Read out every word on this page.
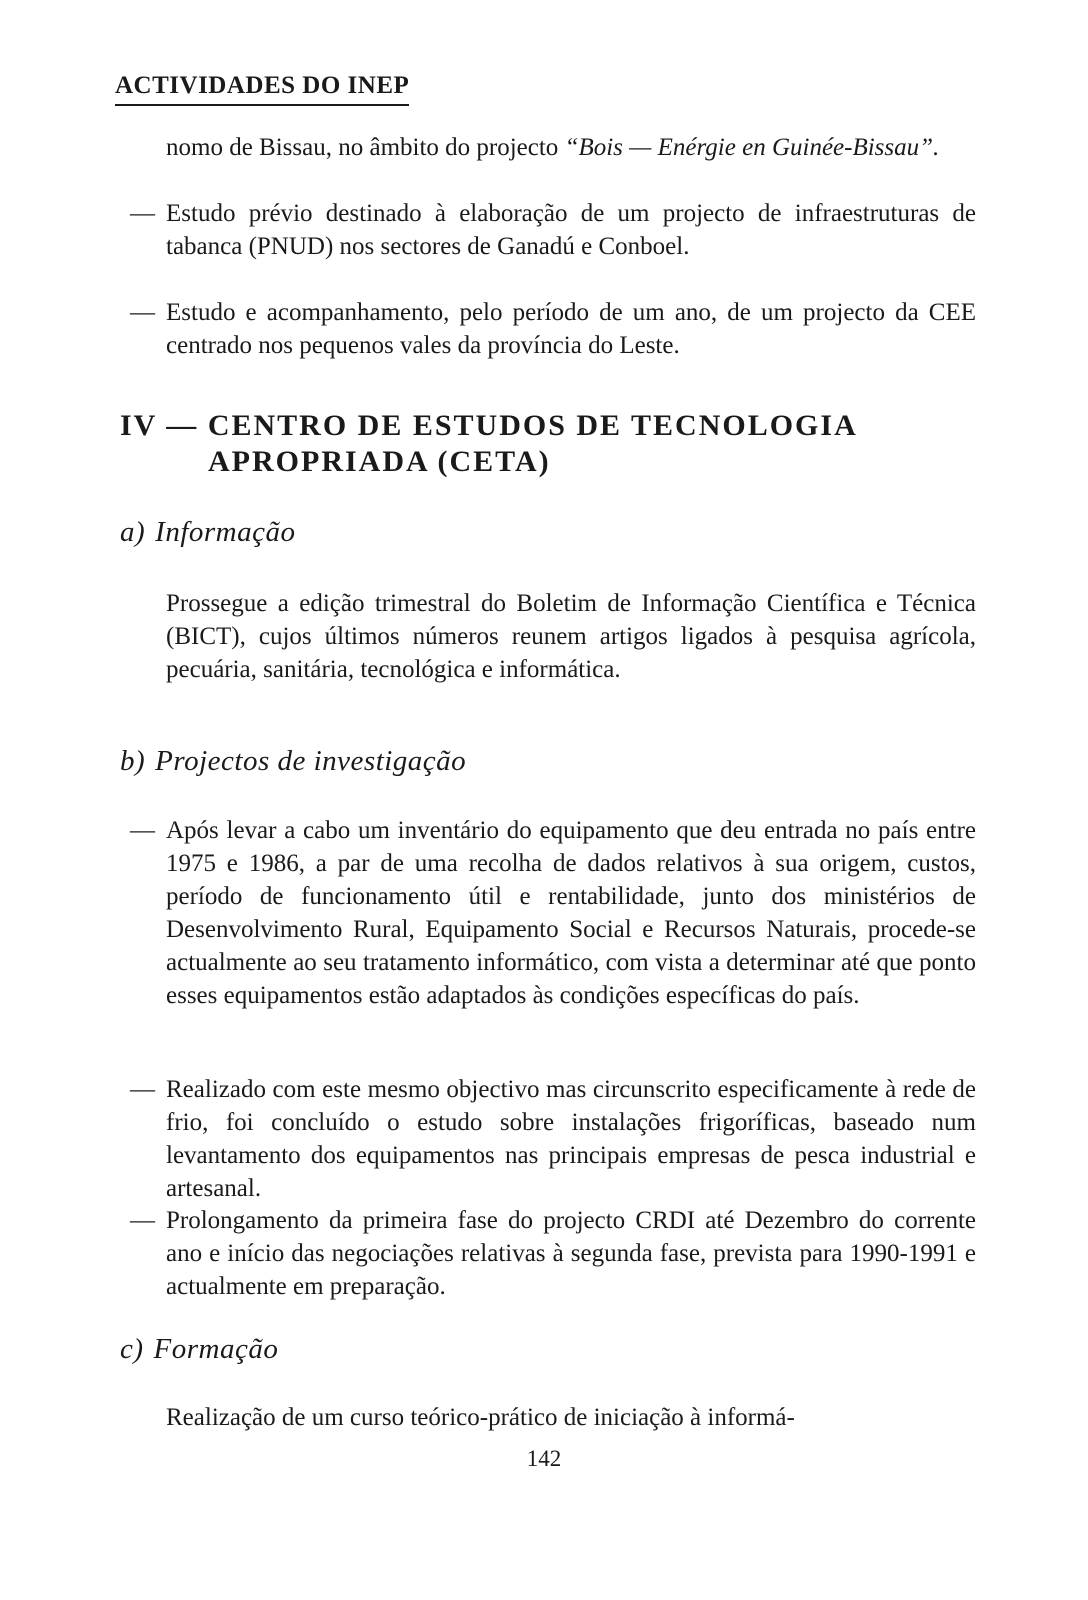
ACTIVIDADES DO INEP
nomo de Bissau, no âmbito do projecto “Bois — Enérgie en Guinée-Bissau”.
— Estudo prévio destinado à elaboração de um projecto de infraestruturas de tabanca (PNUD) nos sectores de Ganadú e Conboel.
— Estudo e acompanhamento, pelo período de um ano, de um projecto da CEE centrado nos pequenos vales da província do Leste.
IV — CENTRO DE ESTUDOS DE TECNOLOGIA
APROPRIADA (CETA)
a) Informação
Prossegue a edição trimestral do Boletim de Informação Científica e Técnica (BICT), cujos últimos números reunem artigos ligados à pesquisa agrícola, pecuária, sanitária, tecnológica e informática.
b) Projectos de investigação
— Após levar a cabo um inventário do equipamento que deu entrada no país entre 1975 e 1986, a par de uma recolha de dados relativos à sua origem, custos, período de funcionamento útil e rentabilidade, junto dos ministérios de Desenvolvimento Rural, Equipamento Social e Recursos Naturais, procede-se actualmente ao seu tratamento informático, com vista a determinar até que ponto esses equipamentos estão adaptados às condições específicas do país.
— Realizado com este mesmo objectivo mas circunscrito especificamente à rede de frio, foi concluído o estudo sobre instalações frigoríficas, baseado num levantamento dos equipamentos nas principais empresas de pesca industrial e artesanal.
— Prolongamento da primeira fase do projecto CRDI até Dezembro do corrente ano e início das negociações relativas à segunda fase, prevista para 1990-1991 e actualmente em preparação.
c) Formação
Realização de um curso teórico-prático de iniciação à informá-
142
